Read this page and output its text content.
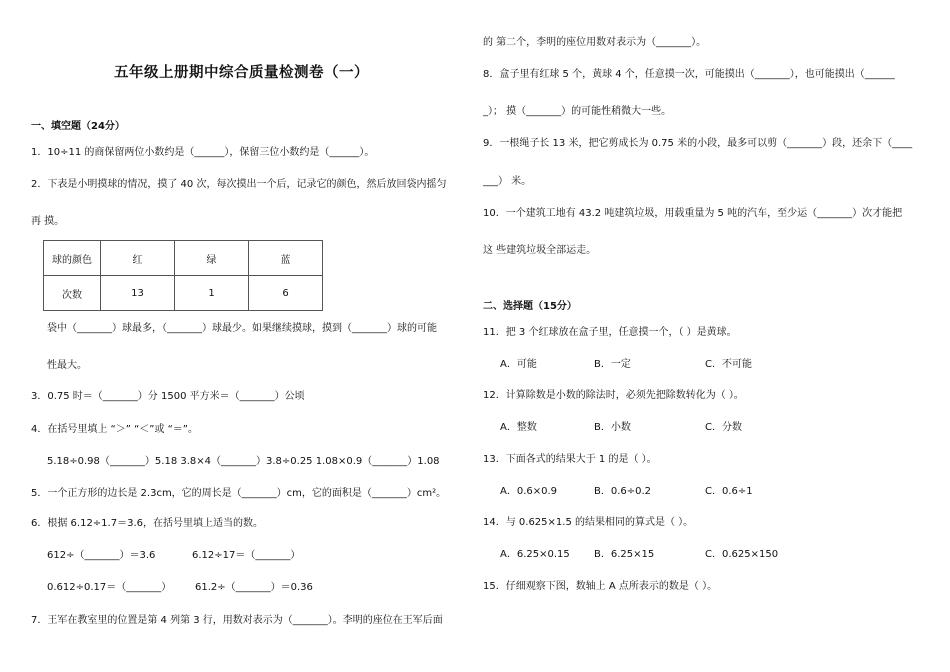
五年级上册期中综合质量检测卷（一）
一、填空题（24分）
1．10÷11 的商保留两位小数约是（______），保留三位小数约是（______）。
2．下表是小明摸球的情况，摸了 40 次，每次摸出一个后，记录它的颜色，然后放回袋内摇匀
再 摸。
球的颜色	红	绿	蓝
次数	13	1	6
袋中（_______）球最多，（_______）球最少。如果继续摸球，摸到（_______）球的可能
性最大。
3．0.75 时＝（_______）分 1500 平方米＝（_______）公顷
4．在括号里填上 “＞” “＜”或 “＝”。
5.18÷0.98（_______）5.18 3.8×4（_______）3.8÷0.25 1.08×0.9（_______）1.08
5．一个正方形的边长是 2.3cm，它的周长是（_______）cm，它的面积是（_______）cm²。
6．根据 6.12÷1.7＝3.6，在括号里填上适当的数。
612÷（_______）＝3.6	6.12÷17＝（_______）
0.612÷0.17＝（_______） 61.2÷（_______）＝0.36
7．王军在教室里的位置是第 4 列第 3 行，用数对表示为（_______）。李明的座位在王军后面
的 第二个，李明的座位用数对表示为（_______）。
8．盒子里有红球 5 个，黄球 4 个，任意摸一次，可能摸出（_______），也可能摸出（______
_）； 摸（_______）的可能性稍微大一些。
9．一根绳子长 13 米，把它剪成长为 0.75 米的小段，最多可以剪（_______）段，还余下（____
___） 米。
10．一个建筑工地有 43.2 吨建筑垃圾，用载重量为 5 吨的汽车，至少运（_______）次才能把
这 些建筑垃圾全部运走。
二、选择题（15分）
11．把 3 个红球放在盒子里，任意摸一个，（ ）是黄球。
A．可能	B．一定	C．不可能
12．计算除数是小数的除法时，必须先把除数转化为（ ）。
A．整数	B．小数	C．分数
13．下面各式的结果大于 1 的是（ ）。
A．0.6×0.9	B．0.6÷0.2	C．0.6÷1
14．与 0.625×1.5 的结果相同的算式是（ ）。
A．6.25×0.15 B．6.25×15	C．0.625×150
15．仔细观察下图，数轴上 A 点所表示的数是（ ）。
